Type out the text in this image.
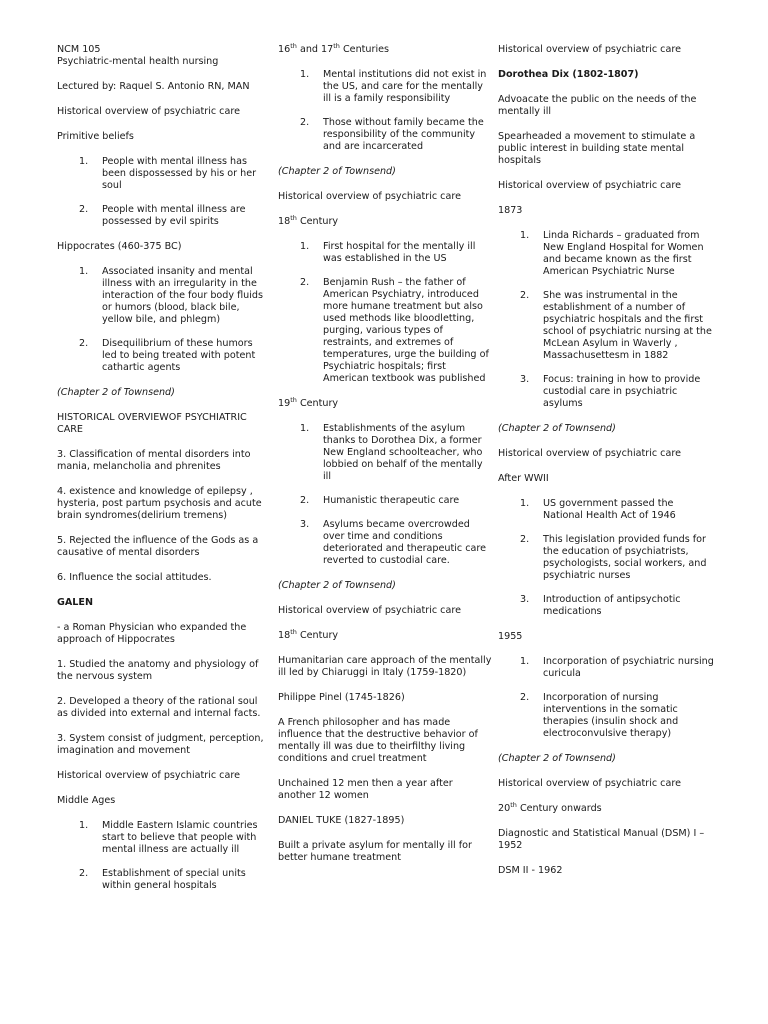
NCM 105
Psychiatric-mental health nursing
Lectured by: Raquel S. Antonio RN, MAN
Historical overview of psychiatric care
Primitive beliefs
1. People with mental illness has been dispossessed by his or her soul
2. People with mental illness are possessed by evil spirits
Hippocrates (460-375 BC)
1. Associated insanity and mental illness with an irregularity in the interaction of the four body fluids or humors (blood, black bile, yellow bile, and phlegm)
2. Disequilibrium of these humors led to being treated with potent cathartic agents
(Chapter 2 of Townsend)
HISTORICAL OVERVIEWOF PSYCHIATRIC CARE
3. Classification of mental disorders into mania, melancholia and phrenites
4. existence and knowledge of epilepsy , hysteria, post partum psychosis and acute brain syndromes(delirium tremens)
5. Rejected the influence of the Gods as a causative of mental disorders
6. Influence the social attitudes.
GALEN
- a Roman Physician who expanded the approach of Hippocrates
1. Studied the anatomy and physiology of the nervous system
2. Developed a theory of the rational soul as divided into external and internal facts.
3. System consist of judgment, perception, imagination and movement
Historical overview of psychiatric care
Middle Ages
1. Middle Eastern Islamic countries start to believe that people with mental illness are actually ill
2. Establishment of special units within general hospitals
16th and 17th Centuries
1. Mental institutions did not exist in the US, and care for the mentally ill is a family responsibility
2. Those without family became the responsibility of the community and are incarcerated
(Chapter 2 of Townsend)
Historical overview of psychiatric care
18th Century
1. First hospital for the mentally ill was established in the US
2. Benjamin Rush – the father of American Psychiatry, introduced more humane treatment but also used methods like bloodletting, purging, various types of restraints, and extremes of temperatures, urge the building of Psychiatric hospitals; first American textbook was published
19th Century
1. Establishments of the asylum thanks to Dorothea Dix, a former New England schoolteacher, who lobbied on behalf of the mentally ill
2. Humanistic therapeutic care
3. Asylums became overcrowded over time and conditions deteriorated and therapeutic care reverted to custodial care.
(Chapter 2 of Townsend)
Historical overview of psychiatric care
18th Century
Humanitarian care approach of the mentally ill led by Chiaruggi in Italy (1759-1820)
Philippe Pinel (1745-1826)
A French philosopher and has made influence that the destructive behavior of mentally ill was due to theirfilthy living conditions and cruel treatment
Unchained 12 men then a year after another 12 women
DANIEL TUKE (1827-1895)
Built a private asylum for mentally ill for better humane treatment
Historical overview of psychiatric care
Dorothea Dix (1802-1807)
Advoacate the public on the needs of the mentally ill
Spearheaded a movement to stimulate a public interest in building state mental hospitals
Historical overview of psychiatric care
1873
1. Linda Richards – graduated from New England Hospital for Women and became known as the first American Psychiatric Nurse
2. She was instrumental in the establishment of a number of psychiatric hospitals and the first school of psychiatric nursing at the McLean Asylum in Waverly , Massachusettesm in 1882
3. Focus: training in how to provide custodial care in psychiatric asylums
(Chapter 2 of Townsend)
Historical overview of psychiatric care
After WWII
1. US government passed the National Health Act of 1946
2. This legislation provided funds for the education of psychiatrists, psychologists, social workers, and psychiatric nurses
3. Introduction of antipsychotic medications
1955
1. Incorporation of psychiatric nursing curicula
2. Incorporation of nursing interventions in the somatic therapies (insulin shock and electroconvulsive therapy)
(Chapter 2 of Townsend)
Historical overview of psychiatric care
20th Century onwards
Diagnostic and Statistical Manual (DSM) I – 1952
DSM II - 1962
